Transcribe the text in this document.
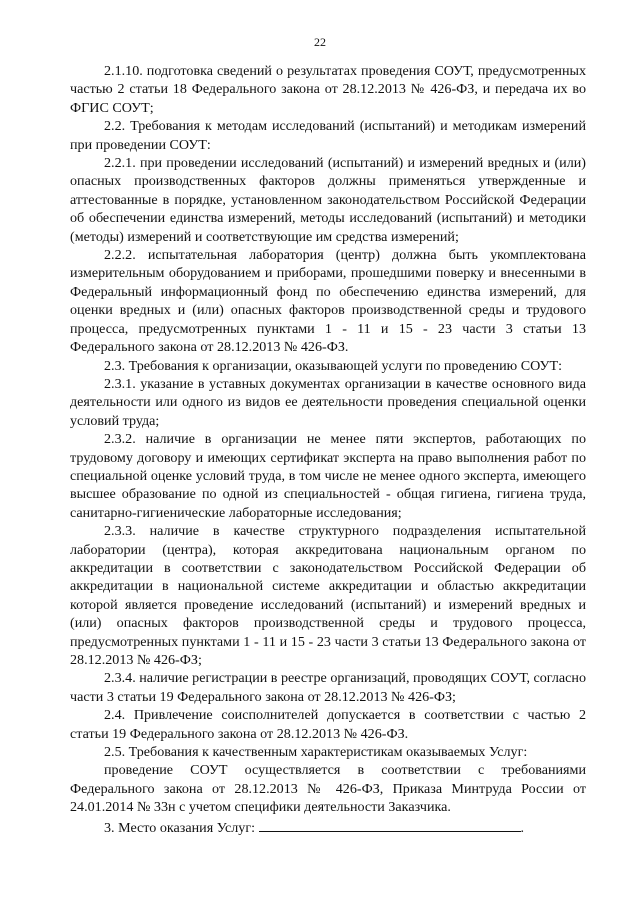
22

2.1.10. подготовка сведений о результатах проведения СОУТ, предусмотренных частью 2 статьи 18 Федерального закона от 28.12.2013 № 426-ФЗ, и передача их во ФГИС СОУТ;

2.2. Требования к методам исследований (испытаний) и методикам измерений при проведении СОУТ:

2.2.1. при проведении исследований (испытаний) и измерений вредных и (или) опасных производственных факторов должны применяться утвержденные и аттестованные в порядке, установленном законодательством Российской Федерации об обеспечении единства измерений, методы исследований (испытаний) и методики (методы) измерений и соответствующие им средства измерений;

2.2.2. испытательная лаборатория (центр) должна быть укомплектована измерительным оборудованием и приборами, прошедшими поверку и внесенными в Федеральный информационный фонд по обеспечению единства измерений, для оценки вредных и (или) опасных факторов производственной среды и трудового процесса, предусмотренных пунктами 1 - 11 и 15 - 23 части 3 статьи 13 Федерального закона от 28.12.2013 № 426-ФЗ.

2.3. Требования к организации, оказывающей услуги по проведению СОУТ:

2.3.1. указание в уставных документах организации в качестве основного вида деятельности или одного из видов ее деятельности проведения специальной оценки условий труда;

2.3.2. наличие в организации не менее пяти экспертов, работающих по трудовому договору и имеющих сертификат эксперта на право выполнения работ по специальной оценке условий труда, в том числе не менее одного эксперта, имеющего высшее образование по одной из специальностей - общая гигиена, гигиена труда, санитарно-гигиенические лабораторные исследования;

2.3.3. наличие в качестве структурного подразделения испытательной лаборатории (центра), которая аккредитована национальным органом по аккредитации в соответствии с законодательством Российской Федерации об аккредитации в национальной системе аккредитации и областью аккредитации которой является проведение исследований (испытаний) и измерений вредных и (или) опасных факторов производственной среды и трудового процесса, предусмотренных пунктами 1 - 11 и 15 - 23 части 3 статьи 13 Федерального закона от 28.12.2013 № 426-ФЗ;

2.3.4. наличие регистрации в реестре организаций, проводящих СОУТ, согласно части 3 статьи 19 Федерального закона от 28.12.2013 № 426-ФЗ;

2.4. Привлечение соисполнителей допускается в соответствии с частью 2 статьи 19 Федерального закона от 28.12.2013 № 426-ФЗ.

2.5. Требования к качественным характеристикам оказываемых Услуг:

проведение СОУТ осуществляется в соответствии с требованиями Федерального закона от 28.12.2013 № 426-ФЗ, Приказа Минтруда России от 24.01.2014 № 33н с учетом специфики деятельности Заказчика.

3. Место оказания Услуг:	.
